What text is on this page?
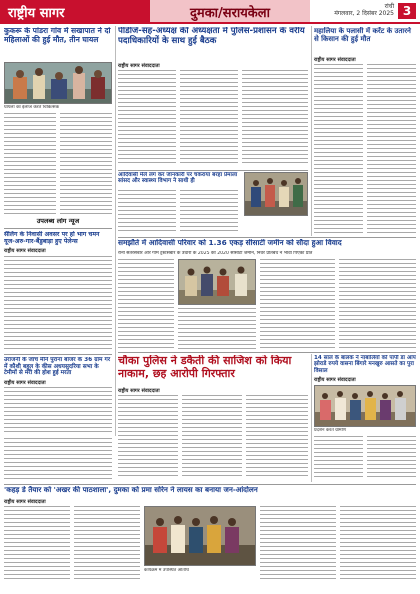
राष्ट्रीय सागर	दुमका/सरायकेला	रांची
मंगलवार, 2 दिसंबर 2025 3
कुकरू के पांडरा गांव में सखापात ने दो महिलाओं की हुई मौत, तीन घायल
घायलों का इलाज करते चिकित्सक
उपलब्ध लोग न्यूज
सैलिंग के निवासी अवसर पर हो भाग चमन यूज-अरु-गार-बैंडुबाड़ा हुए पेलेन्स
राष्ट्रीय सागर संवाददाता
उराजनी के जांच मीने पुराना बाजर के 36 ग्राम गर में कौशी बहुल के कीस अधयसुदरिया सभा के टेमीमों से मरी की होश हुई मरता
राष्ट्रीय सागर संवाददाता
पीडीजे-सह-अध्यक्ष की अध्यक्षता में पुलिस-प्रशासन के वरीय पदाधिकारियों के साथ हुई बैठक
राष्ट्रीय सागर संवाददाता
आदिवासी मेले लग कर जानकारी पर चकराया बरहा प्रेमाला सांसद और स्वास्थ्य विभाग ने साथी ही
महालिया के पलासी में करेंट के उतारने से किसान की हुई मौत
राष्ट्रीय सागर संवाददाता
समझौते में आदिवासी परिवार को 1.36 एकड़ सीसार्टी जमीन को सौदा हुआ विवाद
रानी सतरसबार और गाम ट्रस्टसबार के उधारी के 2025 की 2020 सीसाटी जमीन, निवर प्रतिबंध ने भावों पिएका प्रांत
चौका पुलिस ने डकैती की साजिश को किया नाकाम, छह आरोपी गिरफ्तार
राष्ट्रीय सागर संवाददाता
14 साल के बालक ने नाबालिग़ों को पापी डा आप झोराडे रुपये वासना बिंगारे मनखुरु आसते का पुरा विसाल
राष्ट्रीय सागर संवाददाता
प्रदर्शन करते ग्रामीण
'कहड़ डे तैयार को 'अखर की पाठशाला', दुमका को प्रमा सोरेन ने लायस का बनाया जन-आंदोलन
राष्ट्रीय सागर संवाददाता
कार्यक्रम में उपस्थित अतिथि
